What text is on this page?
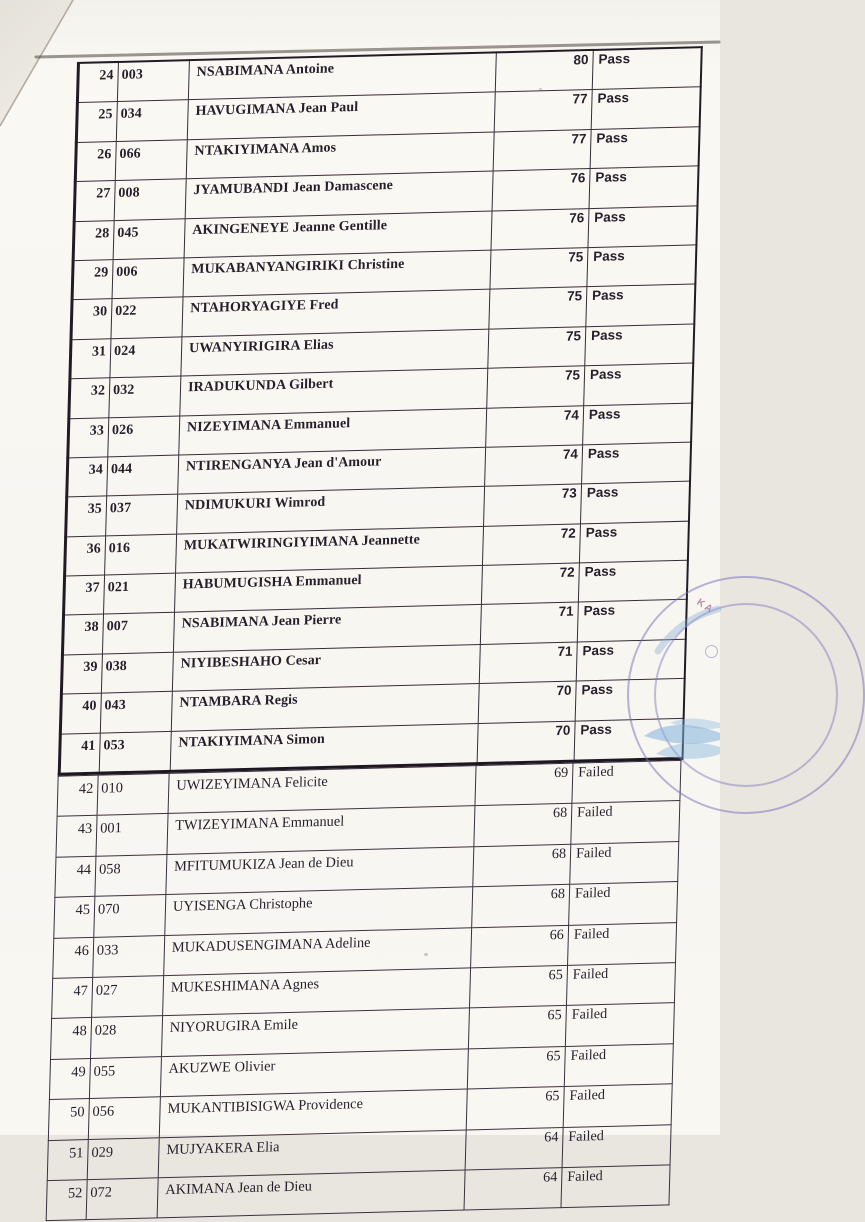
24	003	NSABIMANA Antoine	80	Pass
25	034	HAVUGIMANA Jean Paul	77	Pass
26	066	NTAKIYIMANA Amos	77	Pass
27	008	JYAMUBANDI Jean Damascene	76	Pass
28	045	AKINGENEYE Jeanne Gentille	76	Pass
29	006	MUKABANYANGIRIKI Christine	75	Pass
30	022	NTAHORYAGIYE Fred	75	Pass
31	024	UWANYIRIGIRA Elias	75	Pass
32	032	IRADUKUNDA Gilbert	75	Pass
33	026	NIZEYIMANA Emmanuel	74	Pass
34	044	NTIRENGANYA Jean d'Amour	74	Pass
35	037	NDIMUKURI Wimrod	73	Pass
36	016	MUKATWIRINGIYIMANA Jeannette	72	Pass
37	021	HABUMUGISHA Emmanuel	72	Pass
38	007	NSABIMANA Jean Pierre	71	Pass
39	038	NIYIBESHAHO Cesar	71	Pass
40	043	NTAMBARA Regis	70	Pass
41	053	NTAKIYIMANA Simon	70	Pass
42	010	UWIZEYIMANA Felicite	69	Failed
43	001	TWIZEYIMANA Emmanuel	68	Failed
44	058	MFITUMUKIZA Jean de Dieu	68	Failed
45	070	UYISENGA Christophe	68	Failed
46	033	MUKADUSENGIMANA Adeline	66	Failed
47	027	MUKESHIMANA Agnes	65	Failed
48	028	NIYORUGIRA Emile	65	Failed
49	055	AKUZWE Olivier	65	Failed
50	056	MUKANTIBISIGWA Providence	65	Failed
51	029	MUJYAKERA Elia	64	Failed
52	072	AKIMANA Jean de Dieu	64	Failed
KA
